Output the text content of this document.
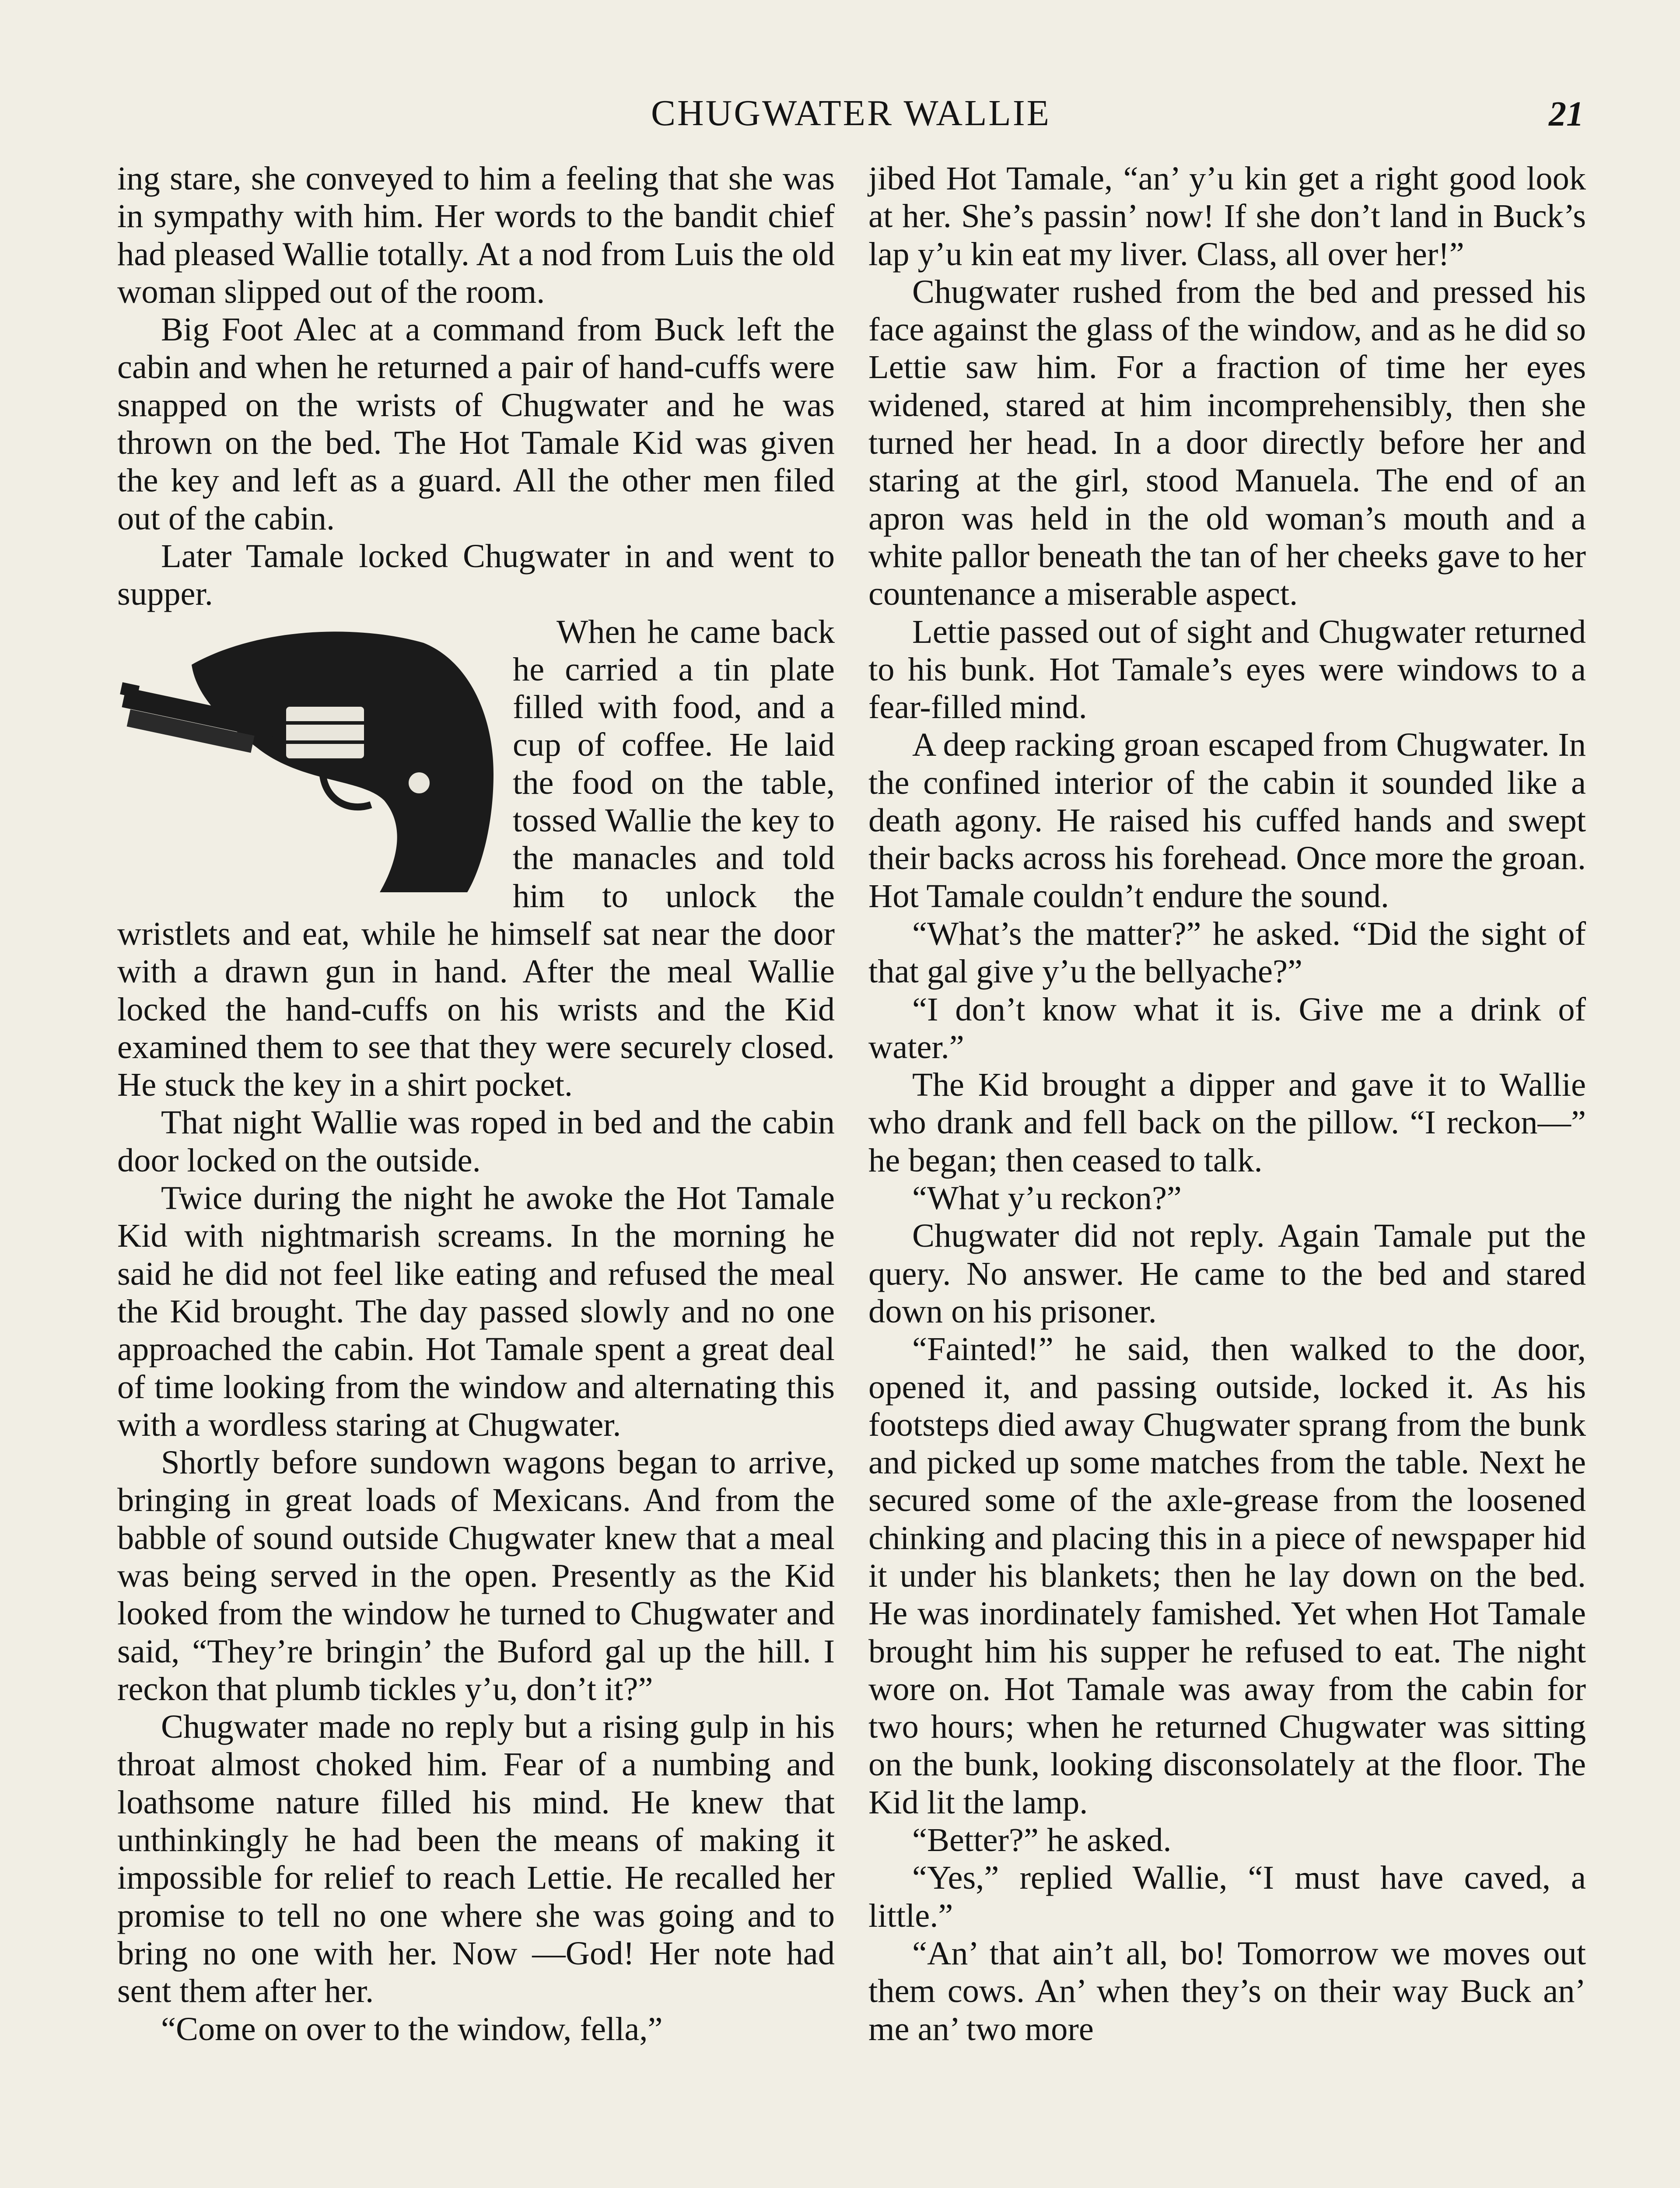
CHUGWATER WALLIE	21

ing stare, she conveyed to him a feeling that she was in sympathy with him. Her words to the bandit chief had pleased Wallie totally. At a nod from Luis the old woman slipped out of the room.

Big Foot Alec at a command from Buck left the cabin and when he returned a pair of hand-cuffs were snapped on the wrists of Chugwater and he was thrown on the bed. The Hot Tamale Kid was given the key and left as a guard. All the other men filed out of the cabin.

Later Tamale locked Chugwater in and went to supper.

When he came back he carried a tin plate filled with food, and a cup of coffee. He laid the food on the table, tossed Wallie the key to the manacles and told him to unlock the wristlets and eat, while he himself sat near the door with a drawn gun in hand. After the meal Wallie locked the hand-cuffs on his wrists and the Kid examined them to see that they were securely closed. He stuck the key in a shirt pocket.

That night Wallie was roped in bed and the cabin door locked on the outside.

Twice during the night he awoke the Hot Tamale Kid with nightmarish screams. In the morning he said he did not feel like eating and refused the meal the Kid brought. The day passed slowly and no one approached the cabin. Hot Tamale spent a great deal of time looking from the window and alternating this with a wordless staring at Chugwater.

Shortly before sundown wagons began to arrive, bringing in great loads of Mexicans. And from the babble of sound outside Chugwater knew that a meal was being served in the open. Presently as the Kid looked from the window he turned to Chugwater and said, “They’re bringin’ the Buford gal up the hill. I reckon that plumb tickles y’u, don’t it?”

Chugwater made no reply but a rising gulp in his throat almost choked him. Fear of a numbing and loathsome nature filled his mind. He knew that unthinkingly he had been the means of making it impossible for relief to reach Lettie. He recalled her promise to tell no one where she was going and to bring no one with her. Now —God! Her note had sent them after her.

“Come on over to the window, fella,”

jibed Hot Tamale, “an’ y’u kin get a right good look at her. She’s passin’ now! If she don’t land in Buck’s lap y’u kin eat my liver. Class, all over her!”

Chugwater rushed from the bed and pressed his face against the glass of the window, and as he did so Lettie saw him. For a fraction of time her eyes widened, stared at him incomprehensibly, then she turned her head. In a door directly before her and staring at the girl, stood Manuela. The end of an apron was held in the old woman’s mouth and a white pallor beneath the tan of her cheeks gave to her countenance a miserable aspect.

Lettie passed out of sight and Chugwater returned to his bunk. Hot Tamale’s eyes were windows to a fear-filled mind.

A deep racking groan escaped from Chugwater. In the confined interior of the cabin it sounded like a death agony. He raised his cuffed hands and swept their backs across his forehead. Once more the groan. Hot Tamale couldn’t endure the sound.

“What’s the matter?” he asked. “Did the sight of that gal give y’u the bellyache?”

“I don’t know what it is. Give me a drink of water.”

The Kid brought a dipper and gave it to Wallie who drank and fell back on the pillow. “I reckon—” he began; then ceased to talk.

“What y’u reckon?”

Chugwater did not reply. Again Tamale put the query. No answer. He came to the bed and stared down on his prisoner.

“Fainted!” he said, then walked to the door, opened it, and passing outside, locked it. As his footsteps died away Chugwater sprang from the bunk and picked up some matches from the table. Next he secured some of the axle-grease from the loosened chinking and placing this in a piece of newspaper hid it under his blankets; then he lay down on the bed. He was inordinately famished. Yet when Hot Tamale brought him his supper he refused to eat. The night wore on. Hot Tamale was away from the cabin for two hours; when he returned Chugwater was sitting on the bunk, looking disconsolately at the floor. The Kid lit the lamp.

“Better?” he asked.

“Yes,” replied Wallie, “I must have caved, a little.”

“An’ that ain’t all, bo! Tomorrow we moves out them cows. An’ when they’s on their way Buck an’ me an’ two more
